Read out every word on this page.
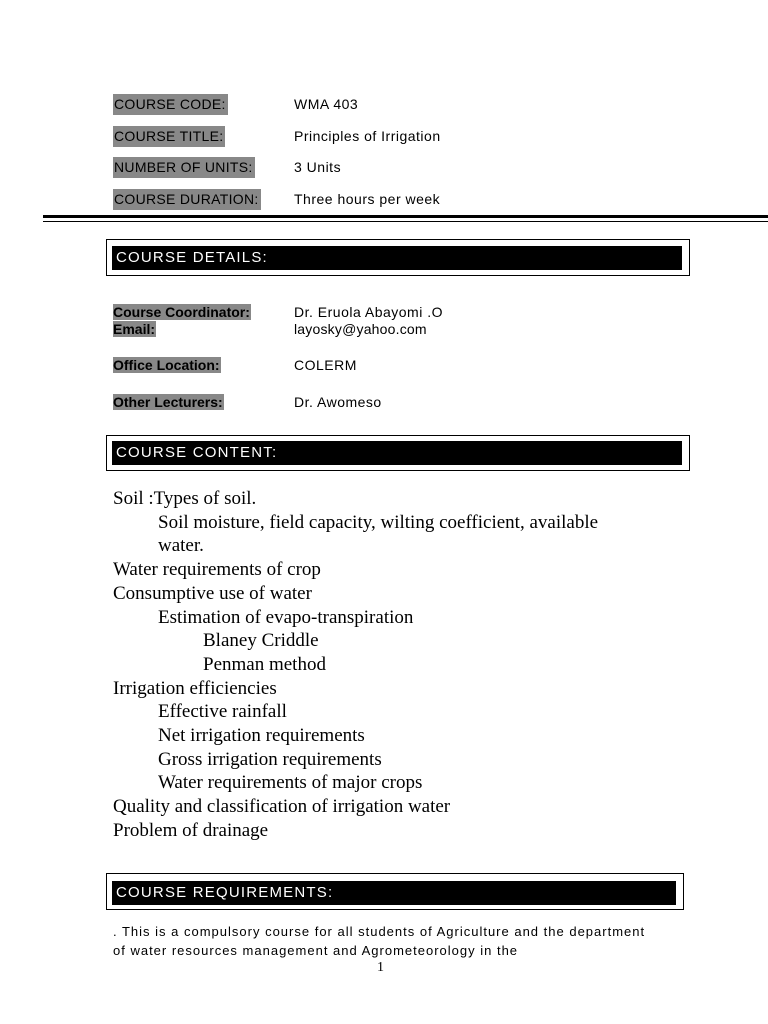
COURSE CODE:	WMA 403
COURSE TITLE:	Principles of Irrigation
NUMBER OF UNITS:	3 Units
COURSE DURATION:	Three hours per week
COURSE DETAILS:
Course Coordinator:	Dr. Eruola Abayomi .O
Email:	layosky@yahoo.com
Office Location:	COLERM
Other Lecturers:	Dr. Awomeso
COURSE CONTENT:
Soil :Types of soil.
Soil moisture, field capacity, wilting coefficient, available
water.
Water requirements of crop
Consumptive use of water
Estimation of evapo-transpiration
Blaney Criddle
Penman method
Irrigation efficiencies
Effective rainfall
Net irrigation requirements
Gross irrigation requirements
Water requirements of major crops
Quality and classification of irrigation water
Problem of drainage
COURSE REQUIREMENTS:
. This is a compulsory course for all students of Agriculture and the department of water resources management and Agrometeorology in the
1
